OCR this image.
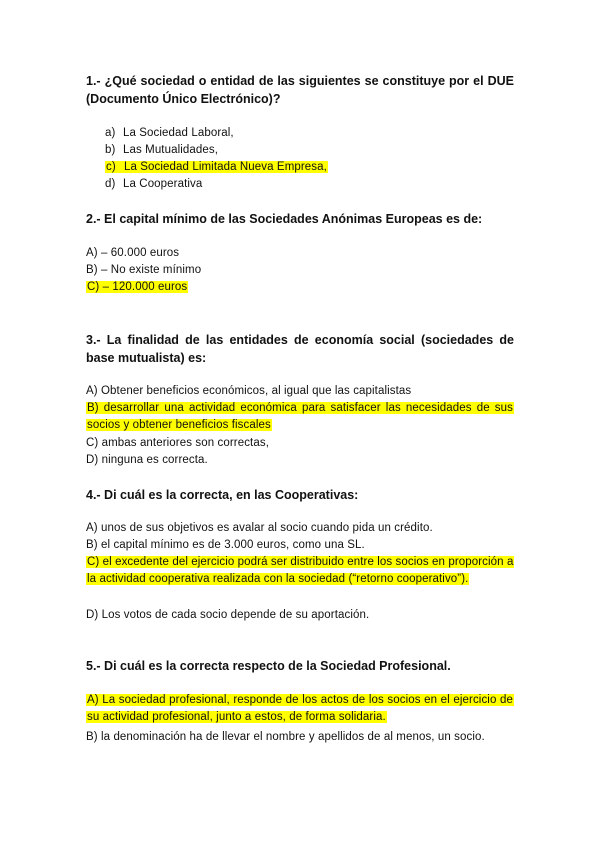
1.- ¿Qué sociedad o entidad de las siguientes se constituye por el DUE (Documento Único Electrónico)?
a) La Sociedad Laboral,
b) Las Mutualidades,
c) La Sociedad Limitada Nueva Empresa,
d) La Cooperativa
2.- El capital mínimo de las Sociedades Anónimas Europeas es de:
A) – 60.000 euros
B) – No existe mínimo
C) – 120.000 euros
3.- La finalidad de las entidades de economía social (sociedades de base mutualista) es:
A) Obtener beneficios económicos, al igual que las capitalistas
B) desarrollar una actividad económica para satisfacer las necesidades de sus socios y obtener beneficios fiscales
C) ambas anteriores son correctas,
D) ninguna es correcta.
4.- Di cuál es la correcta, en las Cooperativas:
A) unos de sus objetivos es avalar al socio cuando pida un crédito.
B) el capital mínimo es de 3.000 euros, como una SL.
C) el excedente del ejercicio podrá ser distribuido entre los socios en proporción a la actividad cooperativa realizada con la sociedad (“retorno cooperativo”).
D) Los votos de cada socio depende de su aportación.
5.- Di cuál es la correcta respecto de la Sociedad Profesional.
A) La sociedad profesional, responde de los actos de los socios en el ejercicio de su actividad profesional, junto a estos, de forma solidaria.
B) la denominación ha de llevar el nombre y apellidos de al menos, un socio.
